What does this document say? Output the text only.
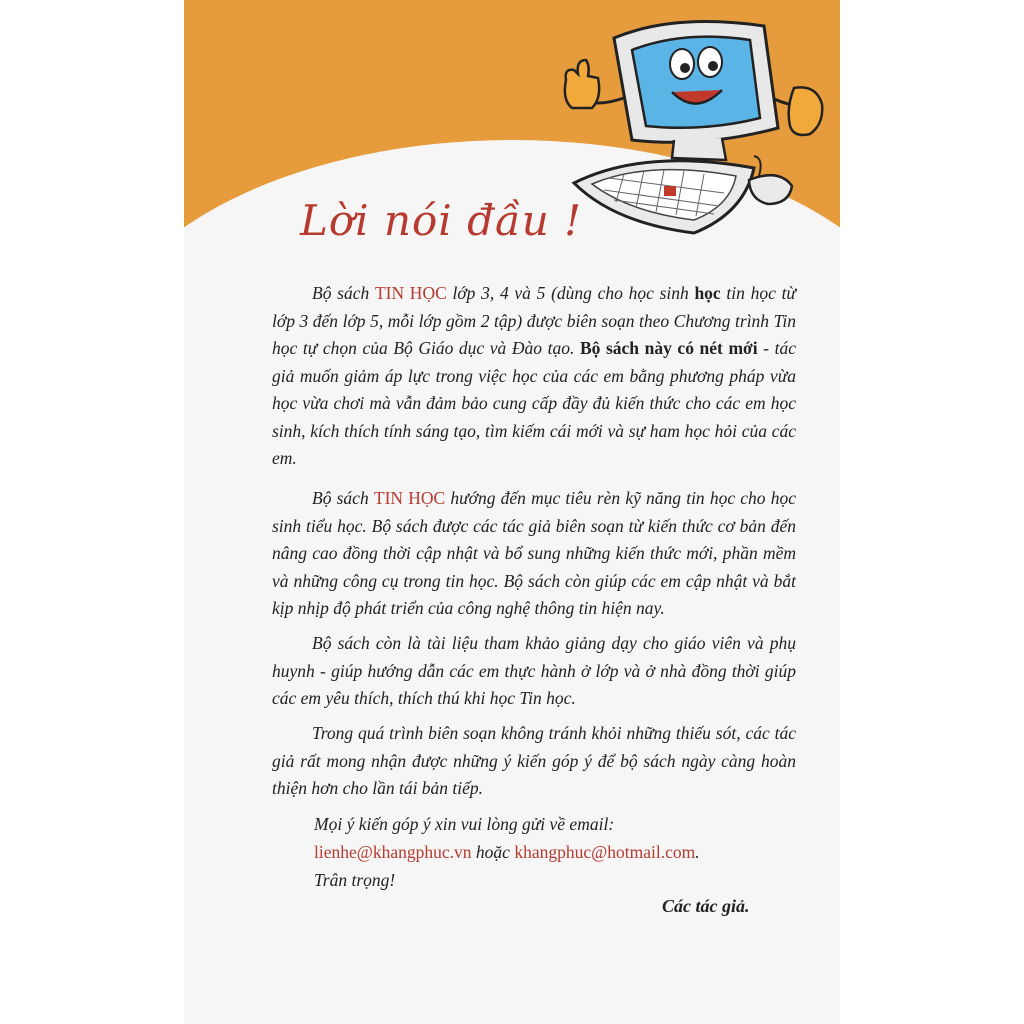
Lời nói đầu !

Bộ sách TIN HỌC lớp 3, 4 và 5 (dùng cho học sinh học tin học từ lớp 3 đến lớp 5, mỗi lớp gồm 2 tập) được biên soạn theo Chương trình Tin học tự chọn của Bộ Giáo dục và Đào tạo. Bộ sách này có nét mới - tác giả muốn giảm áp lực trong việc học của các em bằng phương pháp vừa học vừa chơi mà vẫn đảm bảo cung cấp đầy đủ kiến thức cho các em học sinh, kích thích tính sáng tạo, tìm kiếm cái mới và sự ham học hỏi của các em.

Bộ sách TIN HỌC hướng đến mục tiêu rèn kỹ năng tin học cho học sinh tiểu học. Bộ sách được các tác giả biên soạn từ kiến thức cơ bản đến nâng cao đồng thời cập nhật và bổ sung những kiến thức mới, phần mềm và những công cụ trong tin học. Bộ sách còn giúp các em cập nhật và bắt kịp nhịp độ phát triển của công nghệ thông tin hiện nay.

Bộ sách còn là tài liệu tham khảo giảng dạy cho giáo viên và phụ huynh - giúp hướng dẫn các em thực hành ở lớp và ở nhà đồng thời giúp các em yêu thích, thích thú khi học Tin học.

Trong quá trình biên soạn không tránh khỏi những thiếu sót, các tác giả rất mong nhận được những ý kiến góp ý để bộ sách ngày càng hoàn thiện hơn cho lần tái bản tiếp.

Mọi ý kiến góp ý xin vui lòng gửi về email:
lienhe@khangphuc.vn hoặc khangphuc@hotmail.com.
Trân trọng!
Các tác giả.
